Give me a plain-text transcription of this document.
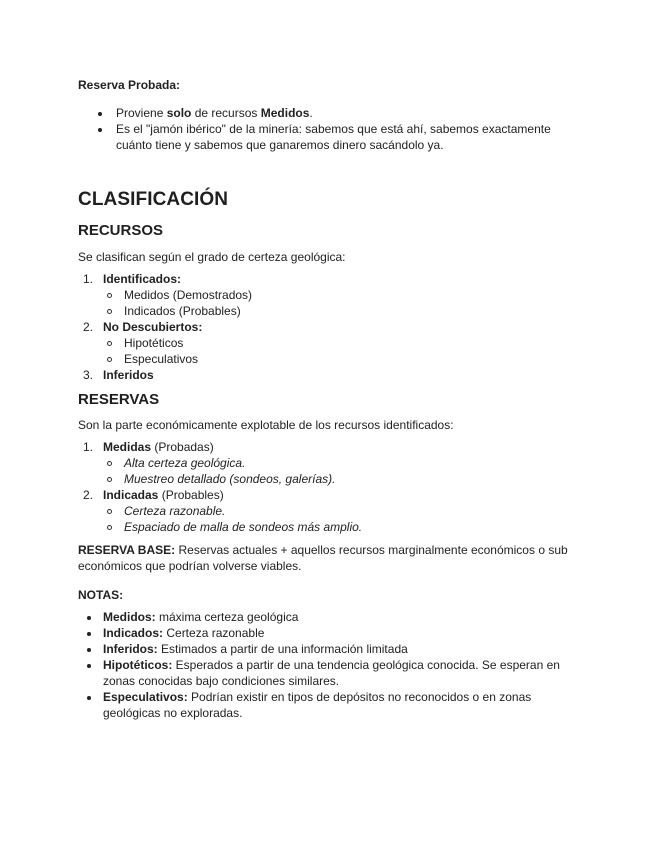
Reserva Probada:
Proviene solo de recursos Medidos.
Es el "jamón ibérico" de la minería: sabemos que está ahí, sabemos exactamente
cuánto tiene y sabemos que ganaremos dinero sacándolo ya.
CLASIFICACIÓN
RECURSOS
Se clasifican según el grado de certeza geológica:
1. Identificados:
Medidos (Demostrados)
Indicados (Probables)
2. No Descubiertos:
Hipotéticos
Especulativos
3. Inferidos
RESERVAS
Son la parte económicamente explotable de los recursos identificados:
1. Medidas (Probadas)
Alta certeza geológica.
Muestreo detallado (sondeos, galerías).
2. Indicadas (Probables)
Certeza razonable.
Espaciado de malla de sondeos más amplio.
RESERVA BASE: Reservas actuales + aquellos recursos marginalmente económicos o sub
económicos que podrían volverse viables.
NOTAS:
Medidos: máxima certeza geológica
Indicados: Certeza razonable
Inferidos: Estimados a partir de una información limitada
Hipotéticos: Esperados a partir de una tendencia geológica conocida. Se esperan en
zonas conocidas bajo condiciones similares.
Especulativos: Podrían existir en tipos de depósitos no reconocidos o en zonas
geológicas no exploradas.
